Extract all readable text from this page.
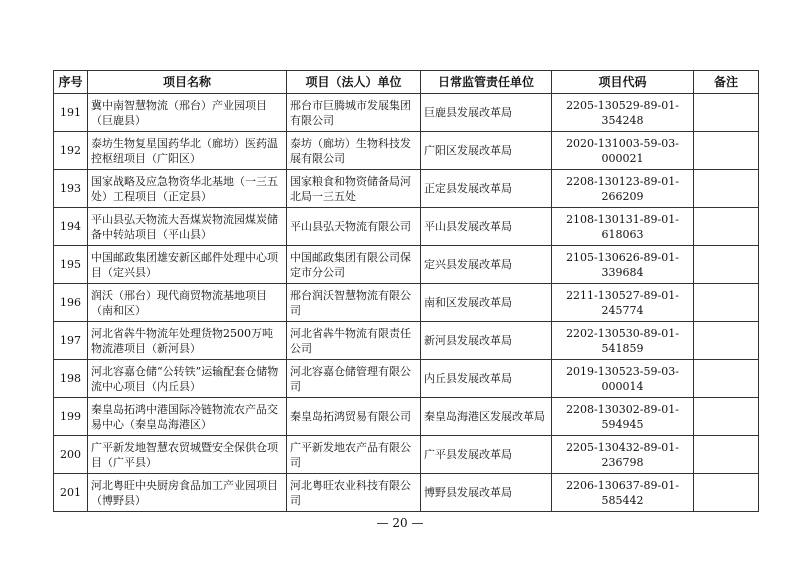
序号	项目名称	项目（法人）单位	日常监管责任单位	项目代码	备注
191	冀中南智慧物流（邢台）产业园项目（巨鹿县）	邢台市巨腾城市发展集团有限公司	巨鹿县发展改革局	2205-130529-89-01-354248	
192	泰坊生物复星国药华北（廊坊）医药温控枢纽项目（广阳区）	泰坊（廊坊）生物科技发展有限公司	广阳区发展改革局	2020-131003-59-03-000021	
193	国家战略及应急物资华北基地（一三五处）工程项目（正定县）	国家粮食和物资储备局河北局一三五处	正定县发展改革局	2208-130123-89-01-266209	
194	平山县弘天物流大吾煤炭物流园煤炭储备中转站项目（平山县）	平山县弘天物流有限公司	平山县发展改革局	2108-130131-89-01-618063	
195	中国邮政集团雄安新区邮件处理中心项目（定兴县）	中国邮政集团有限公司保定市分公司	定兴县发展改革局	2105-130626-89-01-339684	
196	润沃（邢台）现代商贸物流基地项目（南和区）	邢台润沃智慧物流有限公司	南和区发展改革局	2211-130527-89-01-245774	
197	河北省犇牛物流年处理货物2500万吨物流港项目（新河县）	河北省犇牛物流有限责任公司	新河县发展改革局	2202-130530-89-01-541859	
198	河北容嘉仓储“公转铁”运输配套仓储物流中心项目（内丘县）	河北容嘉仓储管理有限公司	内丘县发展改革局	2019-130523-59-03-000014	
199	秦皇岛拓鸿中港国际冷链物流农产品交易中心（秦皇岛海港区）	秦皇岛拓鸿贸易有限公司	秦皇岛海港区发展改革局	2208-130302-89-01-594945	
200	广平新发地智慧农贸城暨安全保供仓项目（广平县）	广平新发地农产品有限公司	广平县发展改革局	2205-130432-89-01-236798	
201	河北粤旺中央厨房食品加工产业园项目（博野县）	河北粤旺农业科技有限公司	博野县发展改革局	2206-130637-89-01-585442	
— 20 —
